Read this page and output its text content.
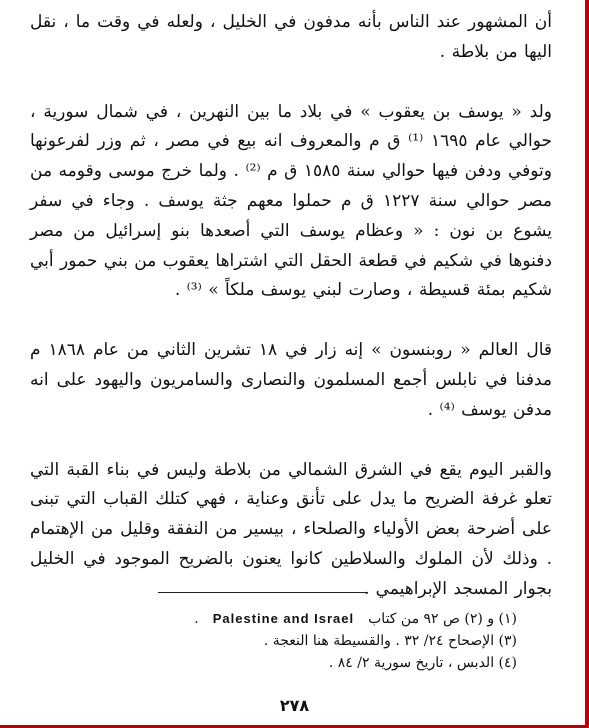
أن المشهور عند الناس بأنه مدفون في الخليل ، ولعله في وقت ما ، نقل اليها من بلاطة .

ولد « يوسف بن يعقوب » في بلاد ما بين النهرين ، في شمال سورية ، حوالي عام ١٦٩٥ ⁽¹⁾ ق م والمعروف انه بيع في مصر ، ثم وزر لفرعونها وتوفي ودفن فيها حوالي سنة ١٥٨٥ ق م ⁽²⁾ . ولما خرج موسى وقومه من مصر حوالي سنة ١٢٢٧ ق م حملوا معهم جثة يوسف . وجاء في سفر يشوع بن نون : « وعظام يوسف التي أصعدها بنو إسرائيل من مصر دفنوها في شكيم في قطعة الحقل التي اشتراها يعقوب من بني حمور أبي شكيم بمئة قسيطة ، وصارت لبني يوسف ملكاً » ⁽³⁾ .

قال العالم « روبنسون » إنه زار في ١٨ تشرين الثاني من عام ١٨٦٨ م مدفنا في نابلس أجمع المسلمون والنصارى والسامريون واليهود على انه مدفن يوسف ⁽⁴⁾ .

والقبر اليوم يقع في الشرق الشمالي من بلاطة وليس في بناء القبة التي تعلو غرفة الضريح ما يدل على تأنق وعناية ، فهي كتلك القباب التي تبنى على أضرحة بعض الأولياء والصلحاء ، بيسير من النفقة وقليل من الإهتمام . وذلك لأن الملوك والسلاطين كانوا يعنون بالضريح الموجود في الخليل بجوار المسجد الإبراهيمي .

(١) و (٢) ص ٩٢ من كتابPalestine and Israel.
(٣) الإصحاح ٢٤/ ٣٢ . والقسيطة هنا النعجة .
(٤) الدبس ، تاريخ سورية ٢/ ٨٤ .
٢٧٨
